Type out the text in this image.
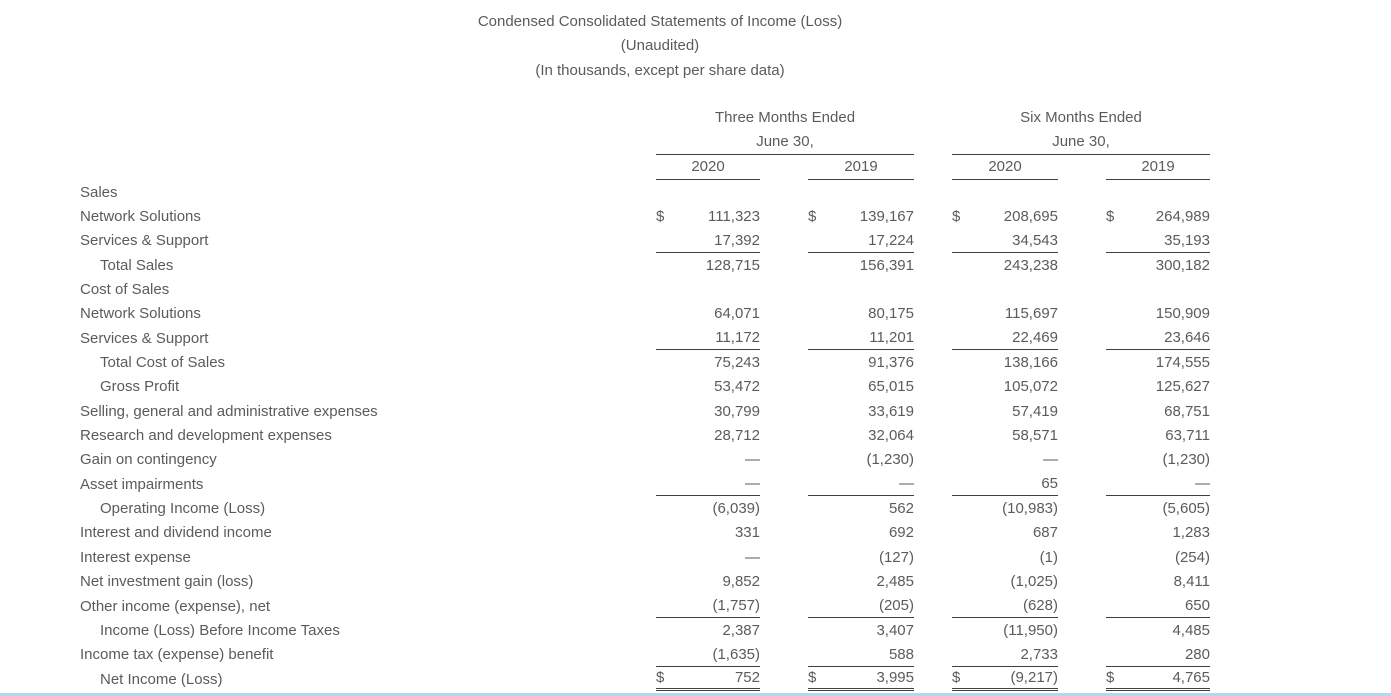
Condensed Consolidated Statements of Income (Loss)
(Unaudited)
(In thousands, except per share data)
Three Months Ended
June 30,
Six Months Ended
June 30,
2020	2019	2020	2019
Sales
Network Solutions	$	111,323	$	139,167	$	208,695	$	264,989
Services & Support	17,392	17,224	34,543	35,193
Total Sales	128,715	156,391	243,238	300,182
Cost of Sales
Network Solutions	64,071	80,175	115,697	150,909
Services & Support	11,172	11,201	22,469	23,646
Total Cost of Sales	75,243	91,376	138,166	174,555
Gross Profit	53,472	65,015	105,072	125,627
Selling, general and administrative expenses	30,799	33,619	57,419	68,751
Research and development expenses	28,712	32,064	58,571	63,711
Gain on contingency	—	(1,230)	—	(1,230)
Asset impairments	—	—	65	—
Operating Income (Loss)	(6,039)	562	(10,983)	(5,605)
Interest and dividend income	331	692	687	1,283
Interest expense	—	(127)	(1)	(254)
Net investment gain (loss)	9,852	2,485	(1,025)	8,411
Other income (expense), net	(1,757)	(205)	(628)	650
Income (Loss) Before Income Taxes	2,387	3,407	(11,950)	4,485
Income tax (expense) benefit	(1,635)	588	2,733	280
Net Income (Loss)	$	752	$	3,995	$	(9,217)	$	4,765
